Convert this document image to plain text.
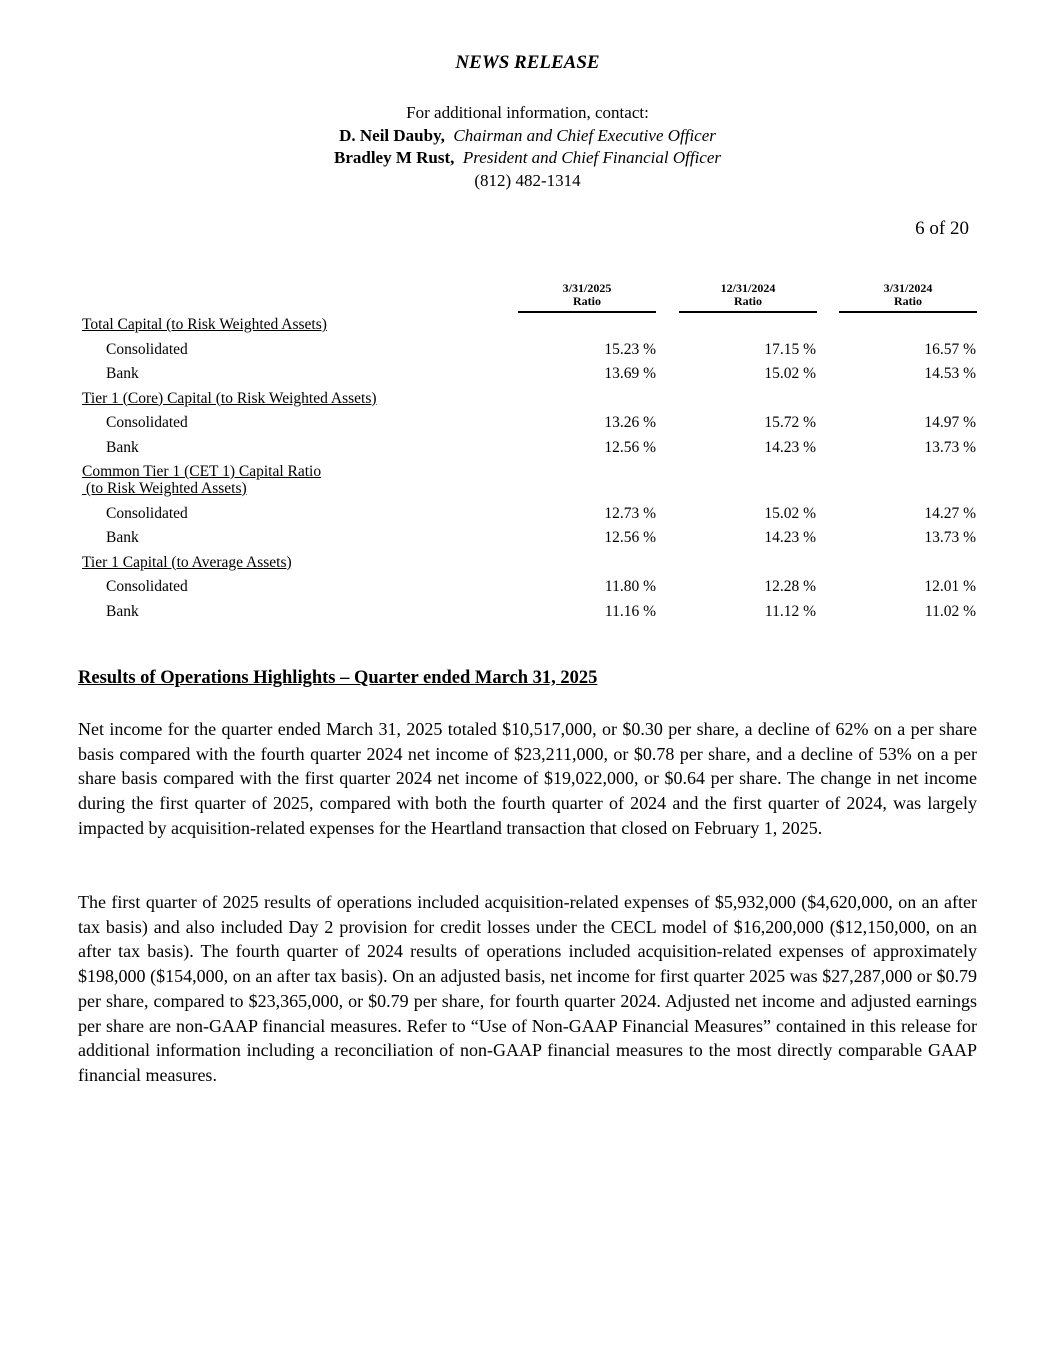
NEWS RELEASE
For additional information, contact:
D. Neil Dauby, Chairman and Chief Executive Officer
Bradley M Rust, President and Chief Financial Officer
(812) 482-1314
6 of 20
3/31/2025
Ratio
12/31/2024
Ratio
3/31/2024
Ratio
Total Capital (to Risk Weighted Assets)
Consolidated	15.23 %	17.15 %	16.57 %
Bank	13.69 %	15.02 %	14.53 %
Tier 1 (Core) Capital (to Risk Weighted Assets)
Consolidated	13.26 %	15.72 %	14.97 %
Bank	12.56 %	14.23 %	13.73 %
Common Tier 1 (CET 1) Capital Ratio
(to Risk Weighted Assets)
Consolidated	12.73 %	15.02 %	14.27 %
Bank	12.56 %	14.23 %	13.73 %
Tier 1 Capital (to Average Assets)
Consolidated	11.80 %	12.28 %	12.01 %
Bank	11.16 %	11.12 %	11.02 %
Results of Operations Highlights – Quarter ended March 31, 2025
Net income for the quarter ended March 31, 2025 totaled $10,517,000, or $0.30 per share, a decline of 62% on a per share basis compared with the fourth quarter 2024 net income of $23,211,000, or $0.78 per share, and a decline of 53% on a per share basis compared with the first quarter 2024 net income of $19,022,000, or $0.64 per share. The change in net income during the first quarter of 2025, compared with both the fourth quarter of 2024 and the first quarter of 2024, was largely impacted by acquisition-related expenses for the Heartland transaction that closed on February 1, 2025.
The first quarter of 2025 results of operations included acquisition-related expenses of $5,932,000 ($4,620,000, on an after tax basis) and also included Day 2 provision for credit losses under the CECL model of $16,200,000 ($12,150,000, on an after tax basis). The fourth quarter of 2024 results of operations included acquisition-related expenses of approximately $198,000 ($154,000, on an after tax basis). On an adjusted basis, net income for first quarter 2025 was $27,287,000 or $0.79 per share, compared to $23,365,000, or $0.79 per share, for fourth quarter 2024. Adjusted net income and adjusted earnings per share are non-GAAP financial measures. Refer to “Use of Non-GAAP Financial Measures” contained in this release for additional information including a reconciliation of non-GAAP financial measures to the most directly comparable GAAP financial measures.
